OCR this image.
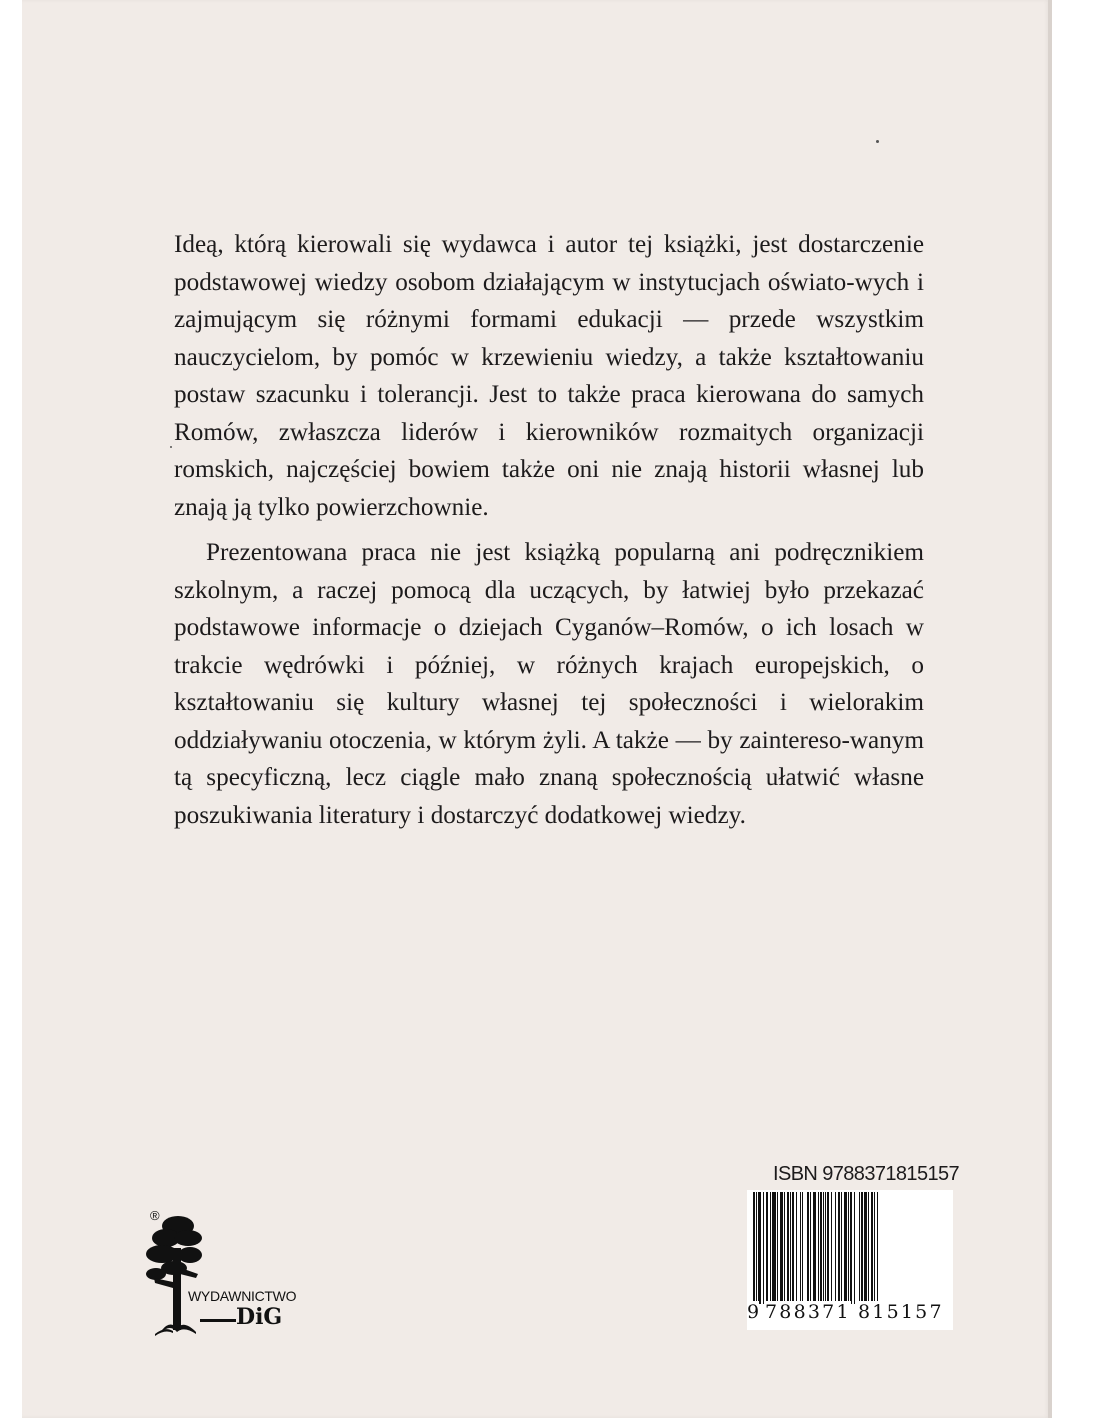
Ideą, którą kierowali się wydawca i autor tej książki, jest dostarczenie podstawowej wiedzy osobom działającym w instytucjach oświato-wych i zajmującym się różnymi formami edukacji — przede wszystkim nauczycielom, by pomóc w krzewieniu wiedzy, a także kształtowaniu postaw szacunku i tolerancji. Jest to także praca kierowana do samych Romów, zwłaszcza liderów i kierowników rozmaitych organizacji romskich, najczęściej bowiem także oni nie znają historii własnej lub znają ją tylko powierzchownie.

Prezentowana praca nie jest książką popularną ani podręcznikiem szkolnym, a raczej pomocą dla uczących, by łatwiej było przekazać podstawowe informacje o dziejach Cyganów–Romów, o ich losach w trakcie wędrówki i później, w różnych krajach europejskich, o kształtowaniu się kultury własnej tej społeczności i wielorakim oddziaływaniu otoczenia, w którym żyli. A także — by zaintereso-wanym tą specyficzną, lecz ciągle mało znaną społecznością ułatwić własne poszukiwania literatury i dostarczyć dodatkowej wiedzy.

®
WYDAWNICTWO
DiG
ISBN 9788371815157
9 788371 815157
